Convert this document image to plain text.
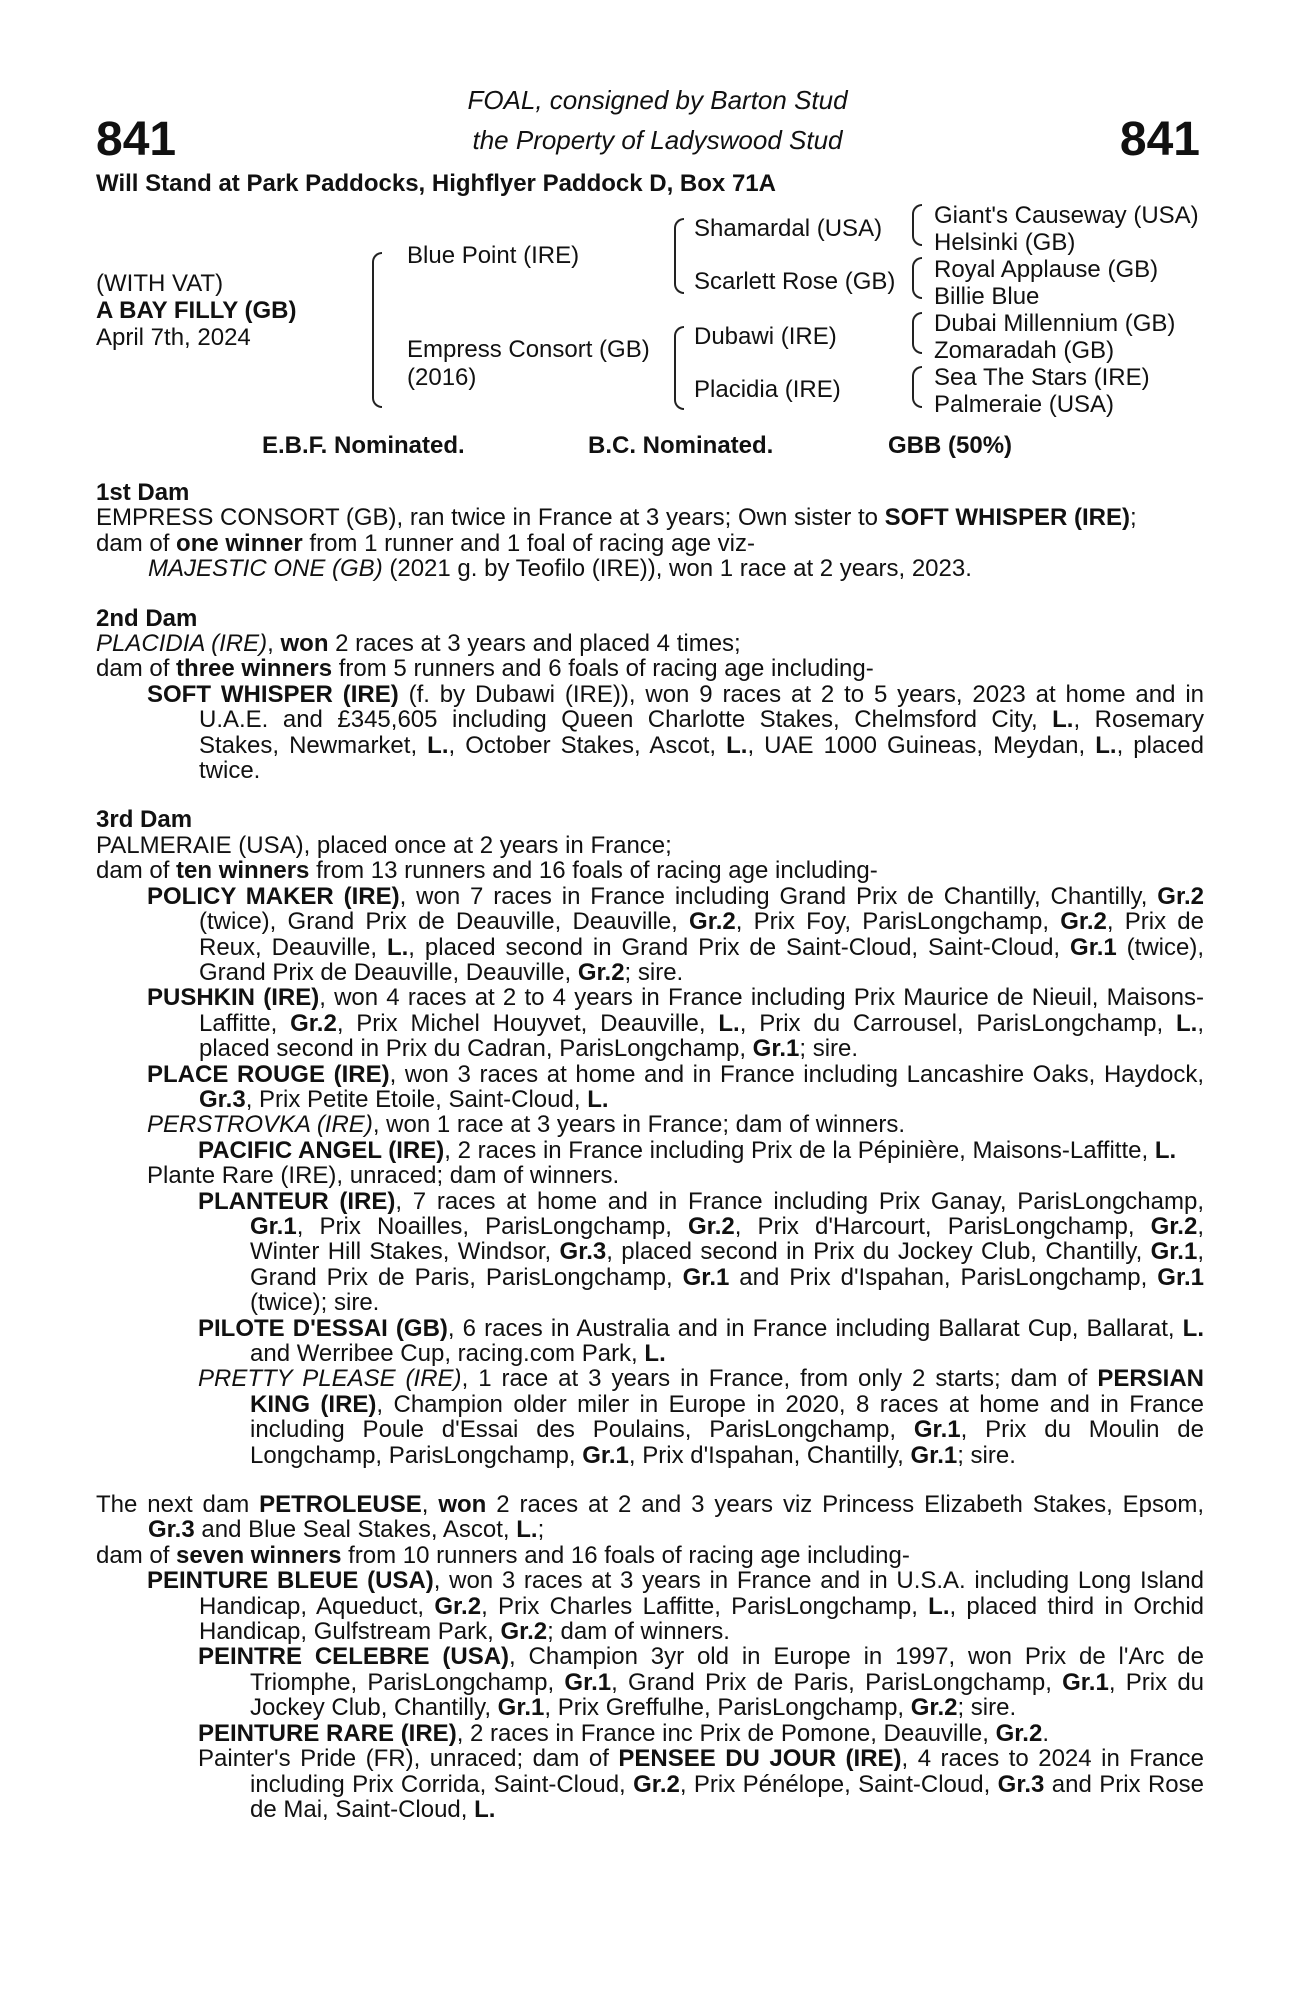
841	841
FOAL, consigned by Barton Stud
the Property of Ladyswood Stud
Will Stand at Park Paddocks, Highflyer Paddock D, Box 71A
(WITH VAT)
A BAY FILLY (GB)
April 7th, 2024
Blue Point (IRE)
Empress Consort (GB)
(2016)
Shamardal (USA)
Scarlett Rose (GB)
Dubawi (IRE)
Placidia (IRE)
Giant's Causeway (USA)
Helsinki (GB)
Royal Applause (GB)
Billie Blue
Dubai Millennium (GB)
Zomaradah (GB)
Sea The Stars (IRE)
Palmeraie (USA)
E.B.F. Nominated.	B.C. Nominated.	GBB (50%)

1st Dam

EMPRESS CONSORT (GB), ran twice in France at 3 years; Own sister to SOFT WHISPER (IRE);

dam of one winner from 1 runner and 1 foal of racing age viz-

MAJESTIC ONE (GB) (2021 g. by Teofilo (IRE)), won 1 race at 2 years, 2023.

2nd Dam

PLACIDIA (IRE), won 2 races at 3 years and placed 4 times;

dam of three winners from 5 runners and 6 foals of racing age including-

SOFT WHISPER (IRE) (f. by Dubawi (IRE)), won 9 races at 2 to 5 years, 2023 at home and in U.A.E. and £345,605 including Queen Charlotte Stakes, Chelmsford City, L., Rosemary Stakes, Newmarket, L., October Stakes, Ascot, L., UAE 1000 Guineas, Meydan, L., placed twice.

3rd Dam

PALMERAIE (USA), placed once at 2 years in France;

dam of ten winners from 13 runners and 16 foals of racing age including-

POLICY MAKER (IRE), won 7 races in France including Grand Prix de Chantilly, Chantilly, Gr.2 (twice), Grand Prix de Deauville, Deauville, Gr.2, Prix Foy, ParisLongchamp, Gr.2, Prix de Reux, Deauville, L., placed second in Grand Prix de Saint-Cloud, Saint-Cloud, Gr.1 (twice), Grand Prix de Deauville, Deauville, Gr.2; sire.

PUSHKIN (IRE), won 4 races at 2 to 4 years in France including Prix Maurice de Nieuil, Maisons-Laffitte, Gr.2, Prix Michel Houyvet, Deauville, L., Prix du Carrousel, ParisLongchamp, L., placed second in Prix du Cadran, ParisLongchamp, Gr.1; sire.

PLACE ROUGE (IRE), won 3 races at home and in France including Lancashire Oaks, Haydock, Gr.3, Prix Petite Etoile, Saint-Cloud, L.

PERSTROVKA (IRE), won 1 race at 3 years in France; dam of winners.

PACIFIC ANGEL (IRE), 2 races in France including Prix de la Pépinière, Maisons-Laffitte, L.

Plante Rare (IRE), unraced; dam of winners.

PLANTEUR (IRE), 7 races at home and in France including Prix Ganay, ParisLongchamp, Gr.1, Prix Noailles, ParisLongchamp, Gr.2, Prix d'Harcourt, ParisLongchamp, Gr.2, Winter Hill Stakes, Windsor, Gr.3, placed second in Prix du Jockey Club, Chantilly, Gr.1, Grand Prix de Paris, ParisLongchamp, Gr.1 and Prix d'Ispahan, ParisLongchamp, Gr.1 (twice); sire.

PILOTE D'ESSAI (GB), 6 races in Australia and in France including Ballarat Cup, Ballarat, L. and Werribee Cup, racing.com Park, L.

PRETTY PLEASE (IRE), 1 race at 3 years in France, from only 2 starts; dam of PERSIAN KING (IRE), Champion older miler in Europe in 2020, 8 races at home and in France including Poule d'Essai des Poulains, ParisLongchamp, Gr.1, Prix du Moulin de Longchamp, ParisLongchamp, Gr.1, Prix d'Ispahan, Chantilly, Gr.1; sire.

The next dam PETROLEUSE, won 2 races at 2 and 3 years viz Princess Elizabeth Stakes, Epsom, Gr.3 and Blue Seal Stakes, Ascot, L.;

dam of seven winners from 10 runners and 16 foals of racing age including-

PEINTURE BLEUE (USA), won 3 races at 3 years in France and in U.S.A. including Long Island Handicap, Aqueduct, Gr.2, Prix Charles Laffitte, ParisLongchamp, L., placed third in Orchid Handicap, Gulfstream Park, Gr.2; dam of winners.

PEINTRE CELEBRE (USA), Champion 3yr old in Europe in 1997, won Prix de l'Arc de Triomphe, ParisLongchamp, Gr.1, Grand Prix de Paris, ParisLongchamp, Gr.1, Prix du Jockey Club, Chantilly, Gr.1, Prix Greffulhe, ParisLongchamp, Gr.2; sire.

PEINTURE RARE (IRE), 2 races in France inc Prix de Pomone, Deauville, Gr.2.

Painter's Pride (FR), unraced; dam of PENSEE DU JOUR (IRE), 4 races to 2024 in France including Prix Corrida, Saint-Cloud, Gr.2, Prix Pénélope, Saint-Cloud, Gr.3 and Prix Rose de Mai, Saint-Cloud, L.
